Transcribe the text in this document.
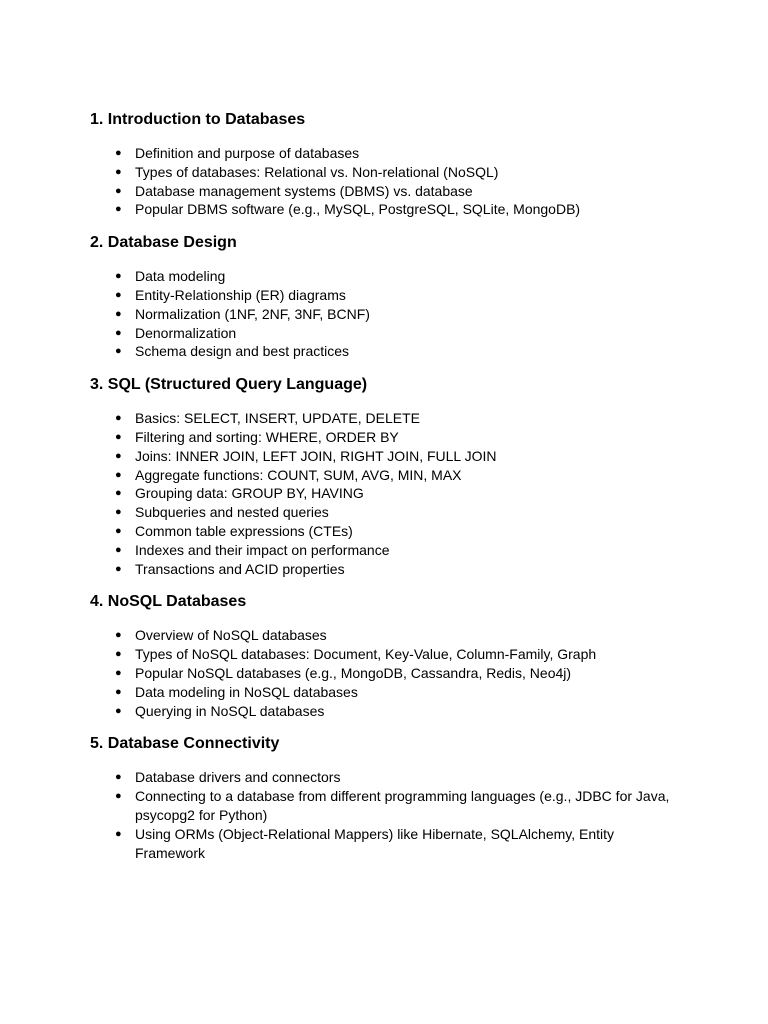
1. Introduction to Databases
● Definition and purpose of databases
● Types of databases: Relational vs. Non-relational (NoSQL)
● Database management systems (DBMS) vs. database
● Popular DBMS software (e.g., MySQL, PostgreSQL, SQLite, MongoDB)
2. Database Design
● Data modeling
● Entity-Relationship (ER) diagrams
● Normalization (1NF, 2NF, 3NF, BCNF)
● Denormalization
● Schema design and best practices
3. SQL (Structured Query Language)
● Basics: SELECT, INSERT, UPDATE, DELETE
● Filtering and sorting: WHERE, ORDER BY
● Joins: INNER JOIN, LEFT JOIN, RIGHT JOIN, FULL JOIN
● Aggregate functions: COUNT, SUM, AVG, MIN, MAX
● Grouping data: GROUP BY, HAVING
● Subqueries and nested queries
● Common table expressions (CTEs)
● Indexes and their impact on performance
● Transactions and ACID properties
4. NoSQL Databases
● Overview of NoSQL databases
● Types of NoSQL databases: Document, Key-Value, Column-Family, Graph
● Popular NoSQL databases (e.g., MongoDB, Cassandra, Redis, Neo4j)
● Data modeling in NoSQL databases
● Querying in NoSQL databases
5. Database Connectivity
● Database drivers and connectors
● Connecting to a database from different programming languages (e.g., JDBC for Java, psycopg2 for Python)
● Using ORMs (Object-Relational Mappers) like Hibernate, SQLAlchemy, Entity Framework
